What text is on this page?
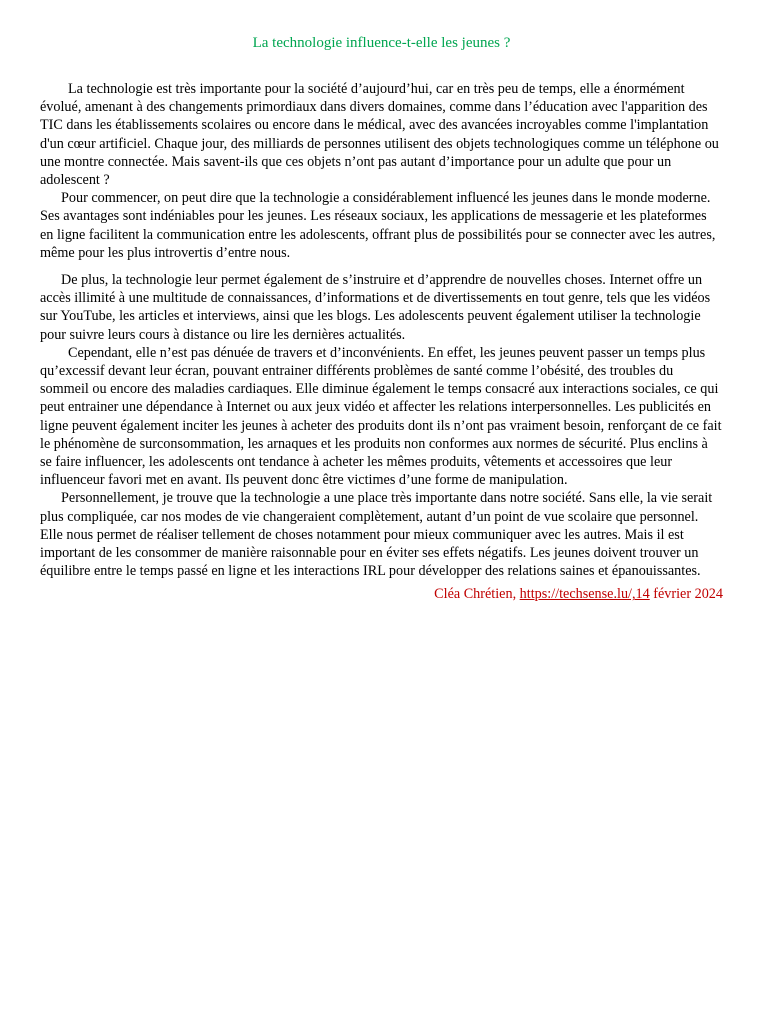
La technologie influence-t-elle les jeunes ?

La technologie est très importante pour la société d’aujourd’hui, car en très peu de temps, elle a énormément évolué, amenant à des changements primordiaux dans divers domaines, comme dans l’éducation avec l'apparition des TIC dans les établissements scolaires ou encore dans le médical, avec des avancées incroyables comme l'implantation d'un cœur artificiel. Chaque jour, des milliards de personnes utilisent des objets technologiques comme un téléphone ou une montre connectée. Mais savent-ils que ces objets n’ont pas autant d’importance pour un adulte que pour un adolescent ?

Pour commencer, on peut dire que la technologie a considérablement influencé les jeunes dans le monde moderne. Ses avantages sont indéniables pour les jeunes. Les réseaux sociaux, les applications de messagerie et les plateformes en ligne facilitent la communication entre les adolescents, offrant plus de possibilités pour se connecter avec les autres, même pour les plus introvertis d’entre nous.

De plus, la technologie leur permet également de s’instruire et d’apprendre de nouvelles choses. Internet offre un accès illimité à une multitude de connaissances, d’informations et de divertissements en tout genre, tels que les vidéos sur YouTube, les articles et interviews, ainsi que les blogs. Les adolescents peuvent également utiliser la technologie pour suivre leurs cours à distance ou lire les dernières actualités.

Cependant, elle n’est pas dénuée de travers et d’inconvénients. En effet, les jeunes peuvent passer un temps plus qu’excessif devant leur écran, pouvant entrainer différents problèmes de santé comme l’obésité, des troubles du sommeil ou encore des maladies cardiaques. Elle diminue également le temps consacré aux interactions sociales, ce qui peut entrainer une dépendance à Internet ou aux jeux vidéo et affecter les relations interpersonnelles. Les publicités en ligne peuvent également inciter les jeunes à acheter des produits dont ils n’ont pas vraiment besoin, renforçant de ce fait le phénomène de surconsommation, les arnaques et les produits non conformes aux normes de sécurité. Plus enclins à se faire influencer, les adolescents ont tendance à acheter les mêmes produits, vêtements et accessoires que leur influenceur favori met en avant. Ils peuvent donc être victimes d’une forme de manipulation.

Personnellement, je trouve que la technologie a une place très importante dans notre société. Sans elle, la vie serait plus compliquée, car nos modes de vie changeraient complètement, autant d’un point de vue scolaire que personnel. Elle nous permet de réaliser tellement de choses notamment pour mieux communiquer avec les autres. Mais il est important de les consommer de manière raisonnable pour en éviter ses effets négatifs. Les jeunes doivent trouver un équilibre entre le temps passé en ligne et les interactions IRL pour développer des relations saines et épanouissantes.

Cléa Chrétien, https://techsense.lu/,14 février 2024
